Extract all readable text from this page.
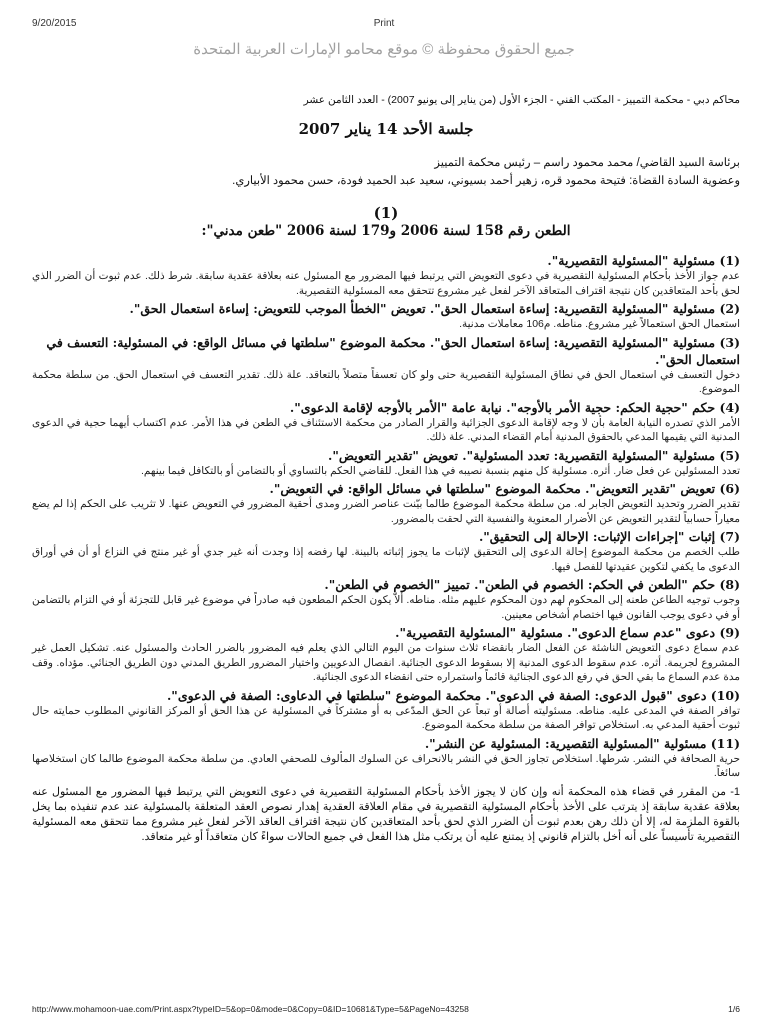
9/20/2015	Print
جميع الحقوق محفوظة © موقع محامو الإمارات العربية المتحدة
محاكم دبي - محكمة التمييز - المكتب الفني - الجزء الأول (من يناير إلى يونيو 2007) - العدد الثامن عشر
جلسة الأحد 14 يناير 2007
برئاسة السيد القاضي/ محمد محمود راسم – رئيس محكمة التمييز
وعضوية السادة القضاة: فتيحة محمود قره، زهير أحمد بسيوني، سعيد عبد الحميد فودة، حسن محمود الأبياري.
(1)
الطعن رقم 158 لسنة 2006 و179 لسنة 2006 "طعن مدني":
(1) مسئولية "المسئولية التقصيرية".
عدم جواز الأخذ بأحكام المسئولية التقصيرية في دعوى التعويض التي يرتبط فيها المضرور مع المسئول عنه بعلاقة عقدية سابقة. شرط ذلك. عدم ثبوت أن الضرر الذي لحق بأحد المتعاقدين كان نتيجة اقتراف المتعاقد الآخر لفعل غير مشروع تتحقق معه المسئولية التقصيرية.
(2) مسئولية "المسئولية التقصيرية: إساءة استعمال الحق". تعويض "الخطأ الموجب للتعويض: إساءة استعمال الحق".
استعمال الحق استعمالاً غير مشروع. مناطه. م106 معاملات مدنية.
(3) مسئولية "المسئولية التقصيرية: إساءة استعمال الحق". محكمة الموضوع "سلطتها في مسائل الواقع: في المسئولية: التعسف في استعمال الحق".
دخول التعسف في استعمال الحق في نطاق المسئولية التقصيرية حتى ولو كان تعسفاً متصلاً بالتعاقد. علة ذلك. تقدير التعسف في استعمال الحق. من سلطة محكمة الموضوع.
(4) حكم "حجية الحكم: حجية الأمر بالأوجه". نيابة عامة "الأمر بالأوجه لإقامة الدعوى".
الأمر الذي تصدره النيابة العامة بأن لا وجه لإقامة الدعوى الجزائية والقرار الصادر من محكمة الاستئناف في الطعن في هذا الأمر. عدم اكتساب أيهما حجية في الدعوى المدنية التي يقيمها المدعي بالحقوق المدنية أمام القضاء المدني. علة ذلك.
(5) مسئولية "المسئولية التقصيرية: تعدد المسئولية". تعويض "تقدير التعويض".
تعدد المسئولين عن فعل ضار. أثره. مسئولية كل منهم بنسبة نصيبه في هذا الفعل. للقاضي الحكم بالتساوي أو بالتضامن أو بالتكافل فيما بينهم.
(6) تعويض "تقدير التعويض". محكمة الموضوع "سلطتها في مسائل الواقع: في التعويض".
تقدير الضرر وتحديد التعويض الجابر له. من سلطة محكمة الموضوع طالما بيّنت عناصر الضرر ومدى أحقية المضرور في التعويض عنها. لا تثريب على الحكم إذا لم يضع معياراً حسابياً لتقدير التعويض عن الأضرار المعنوية والنفسية التي لحقت بالمضرور.
(7) إثبات "إجراءات الإثبات: الإحالة إلى التحقيق".
طلب الخصم من محكمة الموضوع إحالة الدعوى إلى التحقيق لإثبات ما يجوز إثباته بالبينة. لها رفضه إذا وجدت أنه غير جدي أو غير منتج في النزاع أو أن في أوراق الدعوى ما يكفي لتكوين عقيدتها للفصل فيها.
(8) حكم "الطعن في الحكم: الخصوم في الطعن". تمييز "الخصوم في الطعن".
وجوب توجيه الطاعن طعنه إلى المحكوم لهم دون المحكوم عليهم مثله. مناطه. ألاّ يكون الحكم المطعون فيه صادراً في موضوع غير قابل للتجزئة أو في التزام بالتضامن أو في دعوى يوجب القانون فيها اختصام أشخاص معينين.
(9) دعوى "عدم سماع الدعوى". مسئولية "المسئولية التقصيرية".
عدم سماع دعوى التعويض الناشئة عن الفعل الضار بانقضاء ثلاث سنوات من اليوم التالي الذي يعلم فيه المضرور بالضرر الحادث والمسئول عنه. تشكيل العمل غير المشروع لجريمة. أثره. عدم سقوط الدعوى المدنية إلا بسقوط الدعوى الجنائية. انفصال الدعويين واختيار المضرور الطريق المدني دون الطريق الجنائي. مؤداه. وقف مدة عدم السماع ما بقي الحق في رفع الدعوى الجنائية قائماً واستمراره حتى انقضاء الدعوى الجنائية.
(10) دعوى "قبول الدعوى: الصفة في الدعوى". محكمة الموضوع "سلطتها في الدعاوى: الصفة في الدعوى".
توافر الصفة في المدعى عليه. مناطه. مسئوليته أصالة أو تبعاً عن الحق المدّعى به أو مشتركاً في المسئولية عن هذا الحق أو المركز القانوني المطلوب حمايته حال ثبوت أحقية المدعي به. استخلاص توافر الصفة من سلطة محكمة الموضوع.
(11) مسئولية "المسئولية التقصيرية: المسئولية عن النشر".
حرية الصحافة في النشر. شرطها. استخلاص تجاوز الحق في النشر بالانحراف عن السلوك المألوف للصحفي العادي. من سلطة محكمة الموضوع طالما كان استخلاصها سائغاً.
1- من المقرر في قضاء هذه المحكمة أنه وإن كان لا يجوز الأخذ بأحكام المسئولية التقصيرية في دعوى التعويض التي يرتبط فيها المضرور مع المسئول عنه بعلاقة عقدية سابقة إذ يترتب على الأخذ بأحكام المسئولية التقصيرية في مقام العلاقة العقدية إهدار نصوص العقد المتعلقة بالمسئولية عند عدم تنفيذه بما يخل بالقوة الملزمة له، إلا أن ذلك رهن بعدم ثبوت أن الضرر الذي لحق بأحد المتعاقدين كان نتيجة اقتراف العاقد الآخر لفعل غير مشروع مما تتحقق معه المسئولية التقصيرية تأسيساً على أنه أخل بالتزام قانوني إذ يمتنع عليه أن يرتكب مثل هذا الفعل في جميع الحالات سواءً كان متعاقداً أو غير متعاقد.
http://www.mohamoon-uae.com/Print.aspx?typeID=5&op=0&mode=0&Copy=0&ID=10681&Type=5&PageNo=43258	1/6
